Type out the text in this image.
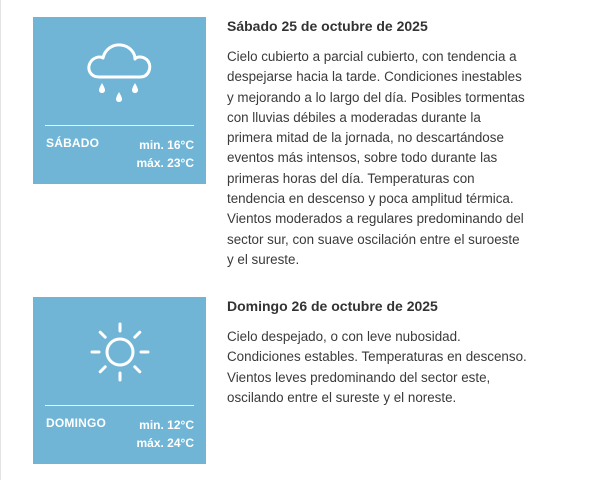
SÁBADO	min. 16°C
máx. 23°C
Sábado 25 de octubre de 2025

Cielo cubierto a parcial cubierto, con tendencia a despejarse hacia la tarde. Condiciones inestables y mejorando a lo largo del día. Posibles tormentas con lluvias débiles a moderadas durante la primera mitad de la jornada, no descartándose eventos más intensos, sobre todo durante las primeras horas del día. Temperaturas con tendencia en descenso y poca amplitud térmica. Vientos moderados a regulares predominando del sector sur, con suave oscilación entre el suroeste y el sureste.

DOMINGO	min. 12°C
máx. 24°C
Domingo 26 de octubre de 2025

Cielo despejado, o con leve nubosidad. Condiciones estables. Temperaturas en descenso. Vientos leves predominando del sector este, oscilando entre el sureste y el noreste.
